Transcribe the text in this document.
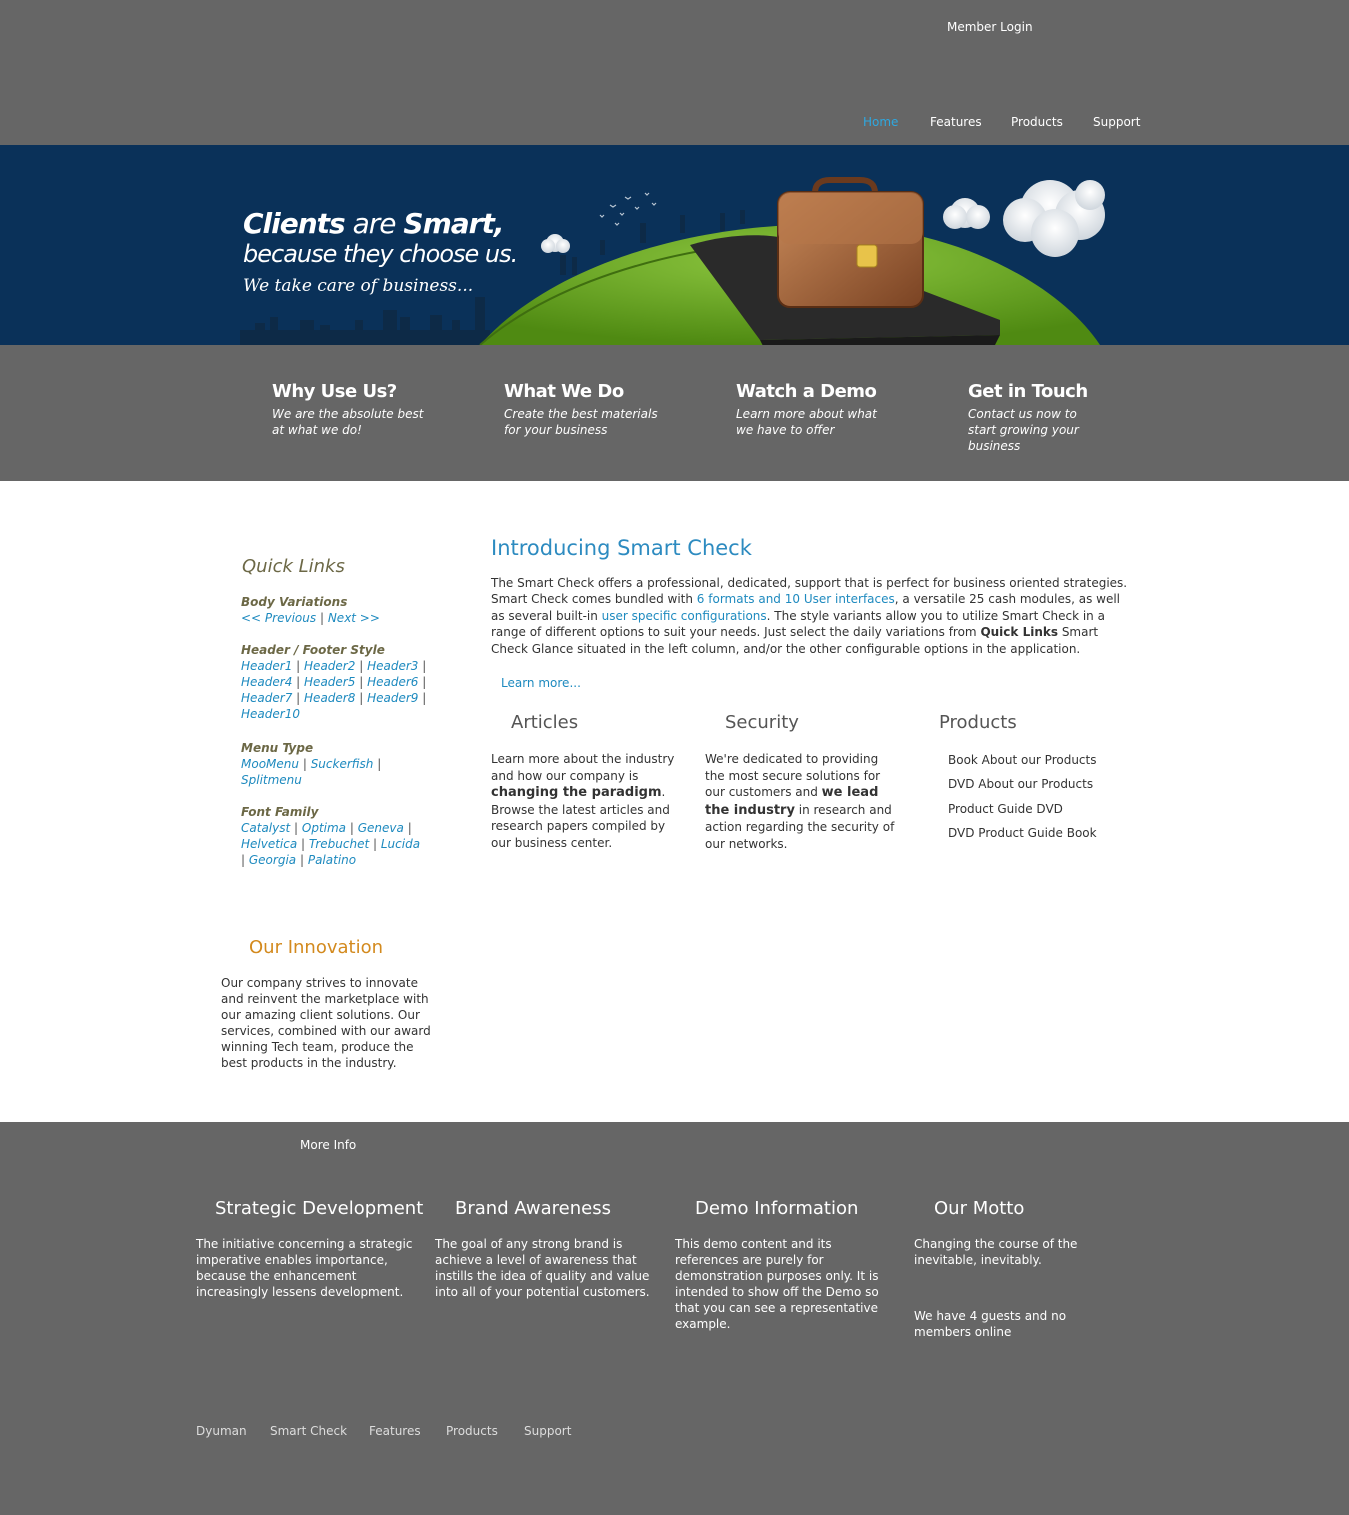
Member Login
Home	Features Products	Support
Clients are Smart,
because they choose us.
We take care of business...
Why Use Us?
We are the absolute best at what we do!
What We Do
Create the best materials for your business
Watch a Demo
Learn more about what we have to offer
Get in Touch
Contact us now to start growing your business
Quick Links
Body Variations
<< Previous | Next >>
Header / Footer Style
Header1 | Header2 | Header3 |
Header4 | Header5 | Header6 |
Header7 | Header8 | Header9 |
Header10
Menu Type
MooMenu | Suckerfish |
Splitmenu
Font Family
Catalyst | Optima | Geneva |
Helvetica | Trebuchet | Lucida
| Georgia | Palatino
Our Innovation
Our company strives to innovate and reinvent the marketplace with our amazing client solutions. Our services, combined with our award winning Tech team, produce the best products in the industry.
Introducing Smart Check
The Smart Check offers a professional, dedicated, support that is perfect for business oriented strategies. Smart Check comes bundled with 6 formats and 10 User interfaces, a versatile 25 cash modules, as well as several built-in user specific configurations. The style variants allow you to utilize Smart Check in a range of different options to suit your needs. Just select the daily variations from Quick Links Smart Check Glance situated in the left column, and/or the other configurable options in the application.
Learn more...
Articles
Learn more about the industry and how our company is changing the paradigm. Browse the latest articles and research papers compiled by our business center.
Security
We're dedicated to providing the most secure solutions for our customers and we lead the industry in research and action regarding the security of our networks.
Products
Book About our Products
DVD About our Products
Product Guide DVD
DVD Product Guide Book
More Info
Strategic Development
The initiative concerning a strategic imperative enables importance, because the enhancement increasingly lessens development.
Brand Awareness
The goal of any strong brand is achieve a level of awareness that instills the idea of quality and value into all of your potential customers.
Demo Information
This demo content and its references are purely for demonstration purposes only. It is intended to show off the Demo so that you can see a representative example.
Our Motto
Changing the course of the inevitable, inevitably.
We have 4 guests and no members online
Dyuman Smart Check Features Products Support
